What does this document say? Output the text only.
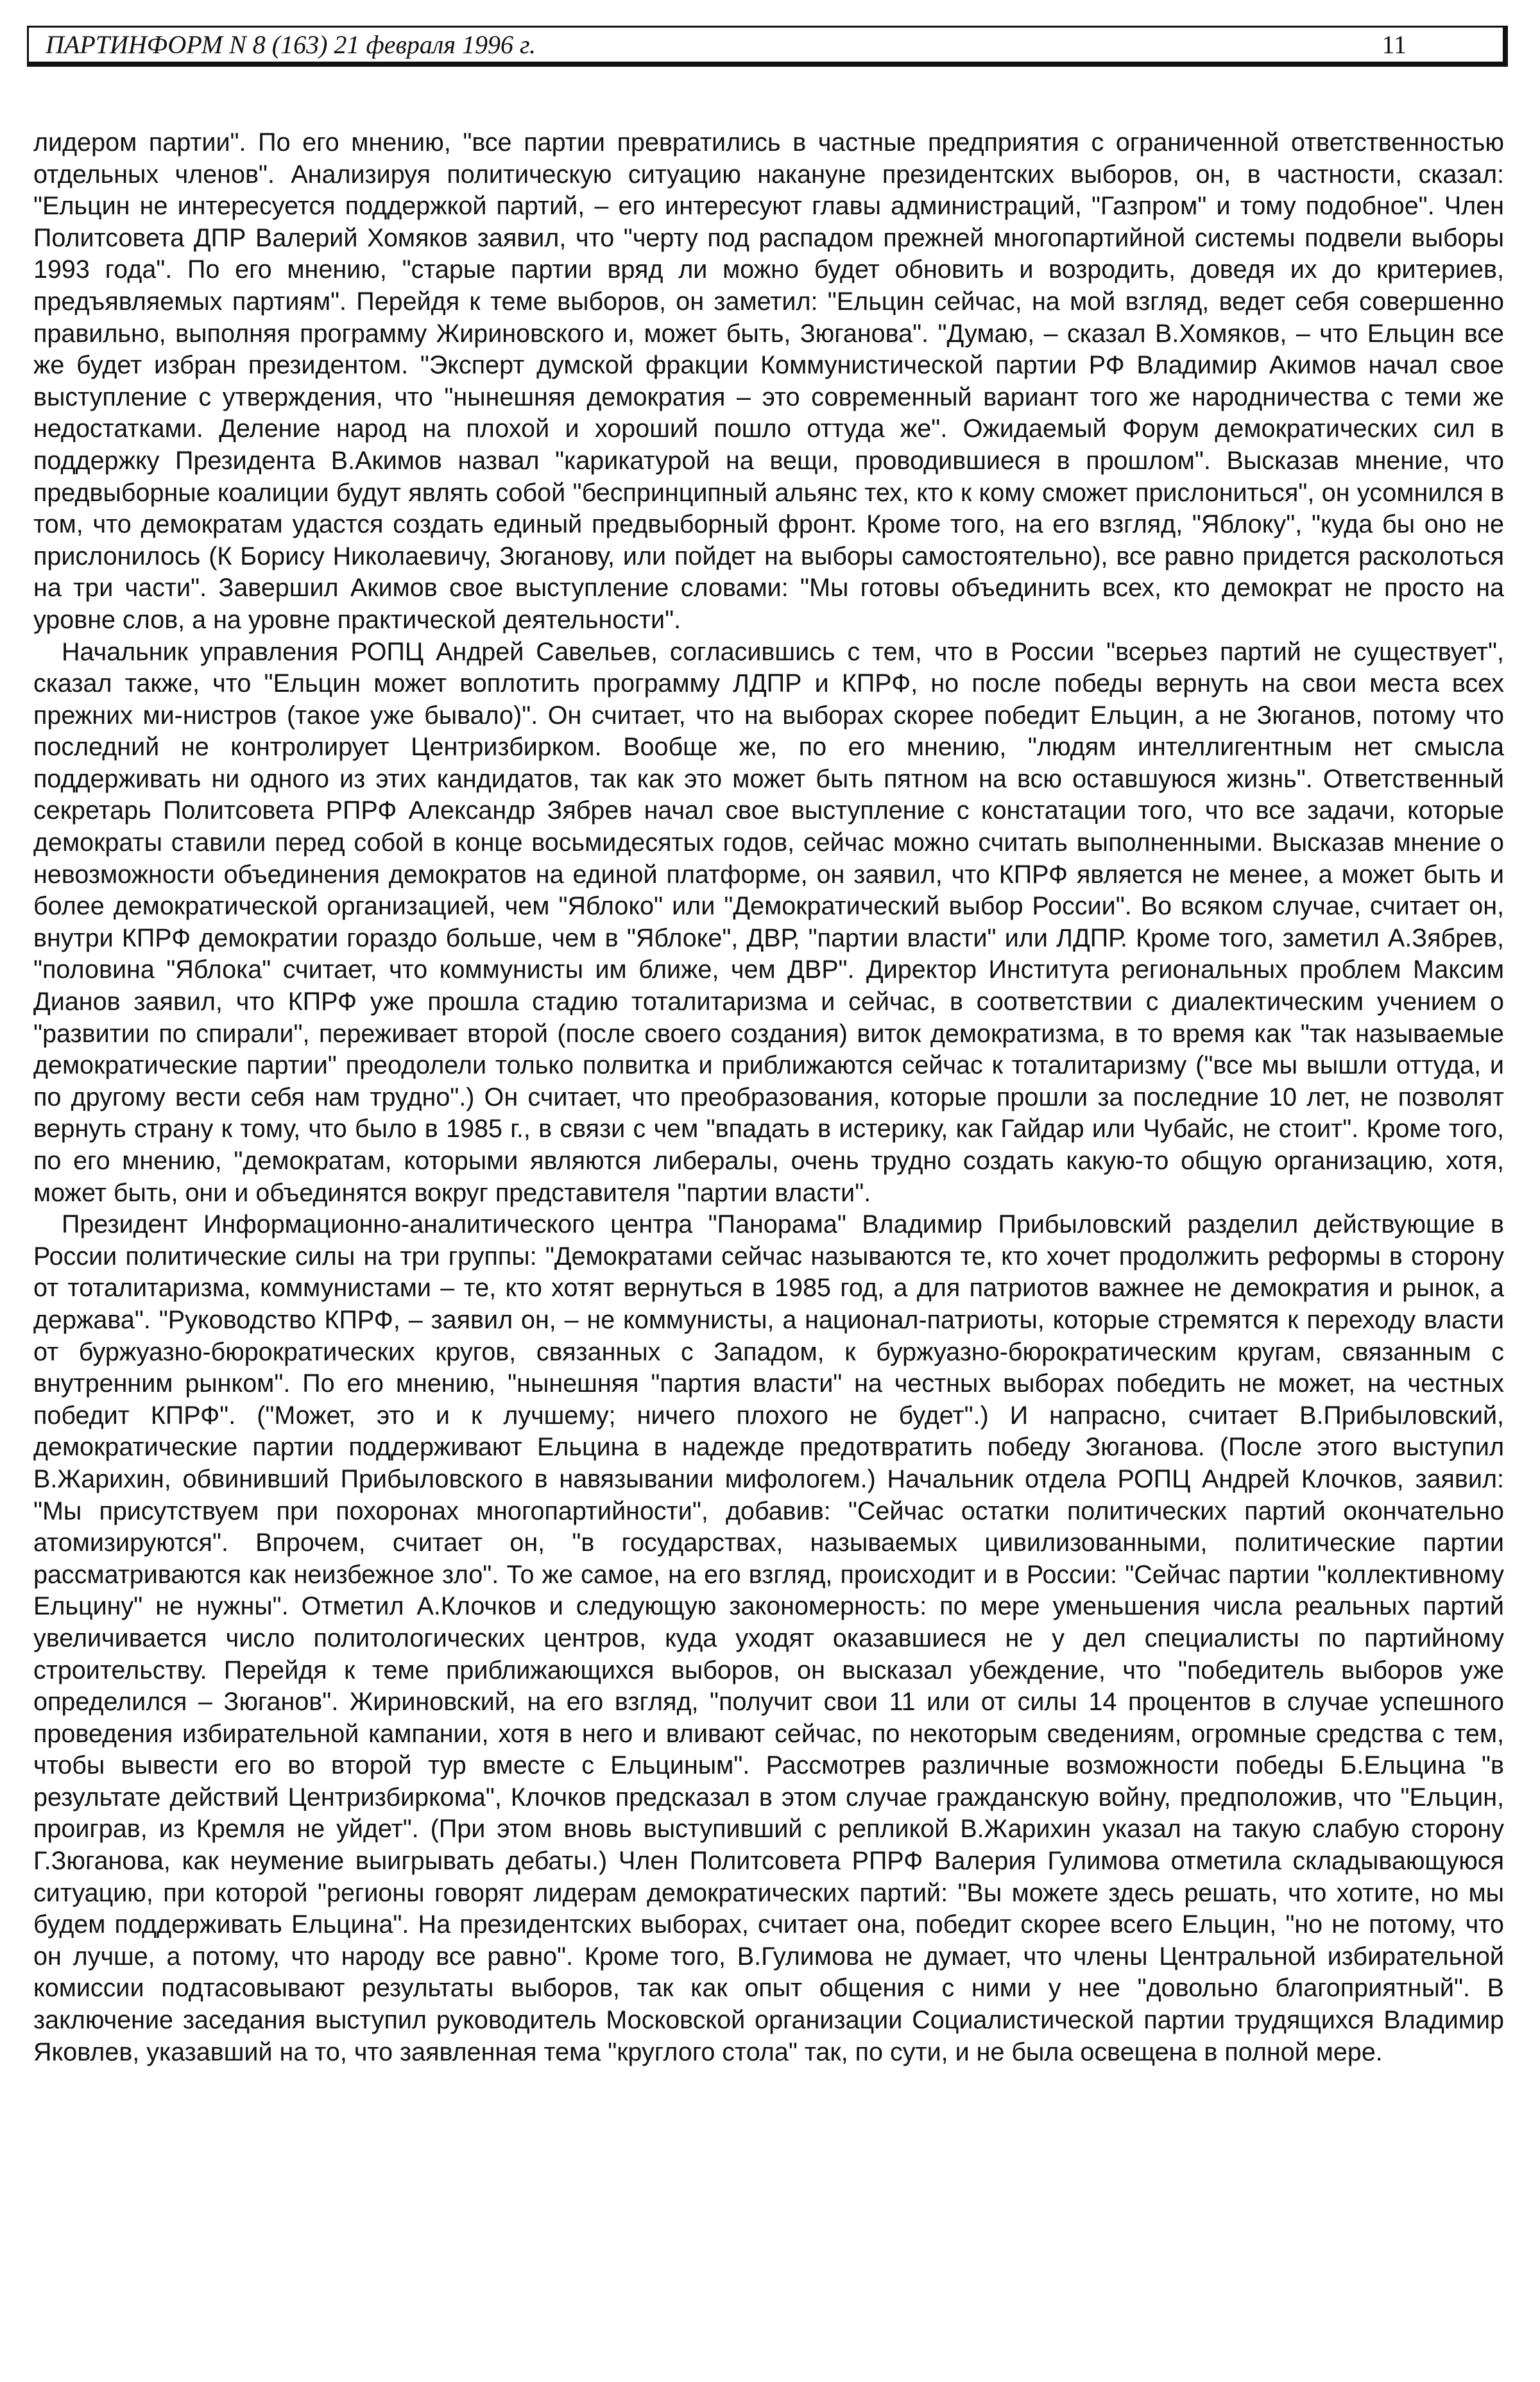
ПАРТИНФОРМ N 8 (163) 21 февраля 1996 г.	11

лидером партии". По его мнению, "все партии превратились в частные предприятия с ограниченной ответственностью отдельных членов". Анализируя политическую ситуацию накануне президентских выборов, он, в частности, сказал: "Ельцин не интересуется поддержкой партий, – его интересуют главы администраций, "Газпром" и тому подобное". Член Политсовета ДПР Валерий Хомяков заявил, что "черту под распадом прежней многопартийной системы подвели выборы 1993 года". По его мнению, "старые партии вряд ли можно будет обновить и возродить, доведя их до критериев, предъявляемых партиям". Перейдя к теме выборов, он заметил: "Ельцин сейчас, на мой взгляд, ведет себя совершенно правильно, выполняя программу Жириновского и, может быть, Зюганова". "Думаю, – сказал В.Хомяков, – что Ельцин все же будет избран президентом. "Эксперт думской фракции Коммунистической партии РФ Владимир Акимов начал свое выступление с утверждения, что "нынешняя демократия – это современный вариант того же народничества с теми же недостатками. Деление народ на плохой и хороший пошло оттуда же". Ожидаемый Форум демократических сил в поддержку Президента В.Акимов назвал "карикатурой на вещи, проводившиеся в прошлом". Высказав мнение, что предвыборные коалиции будут являть собой "беспринципный альянс тех, кто к кому сможет прислониться", он усомнился в том, что демократам удастся создать единый предвыборный фронт. Кроме того, на его взгляд, "Яблоку", "куда бы оно не прислонилось (К Борису Николаевичу, Зюганову, или пойдет на выборы самостоятельно), все равно придется расколоться на три части". Завершил Акимов свое выступление словами: "Мы готовы объединить всех, кто демократ не просто на уровне слов, а на уровне практической деятельности".

Начальник управления РОПЦ Андрей Савельев, согласившись с тем, что в России "всерьез партий не существует", сказал также, что "Ельцин может воплотить программу ЛДПР и КПРФ, но после победы вернуть на свои места всех прежних ми-нистров (такое уже бывало)". Он считает, что на выборах скорее победит Ельцин, а не Зюганов, потому что последний не контролирует Центризбирком. Вообще же, по его мнению, "людям интеллигентным нет смысла поддерживать ни одного из этих кандидатов, так как это может быть пятном на всю оставшуюся жизнь". Ответственный секретарь Политсовета РПРФ Александр Зябрев начал свое выступление с констатации того, что все задачи, которые демократы ставили перед собой в конце восьмидесятых годов, сейчас можно считать выполненными. Высказав мнение о невозможности объединения демократов на единой платформе, он заявил, что КПРФ является не менее, а может быть и более демократической организацией, чем "Яблоко" или "Демократический выбор России". Во всяком случае, считает он, внутри КПРФ демократии гораздо больше, чем в "Яблоке", ДВР, "партии власти" или ЛДПР. Кроме того, заметил А.Зябрев, "половина "Яблока" считает, что коммунисты им ближе, чем ДВР". Директор Института региональных проблем Максим Дианов заявил, что КПРФ уже прошла стадию тоталитаризма и сейчас, в соответствии с диалектическим учением о "развитии по спирали", переживает второй (после своего создания) виток демократизма, в то время как "так называемые демократические партии" преодолели только полвитка и приближаются сейчас к тоталитаризму ("все мы вышли оттуда, и по другому вести себя нам трудно".) Он считает, что преобразования, которые прошли за последние 10 лет, не позволят вернуть страну к тому, что было в 1985 г., в связи с чем "впадать в истерику, как Гайдар или Чубайс, не стоит". Кроме того, по его мнению, "демократам, которыми являются либералы, очень трудно создать какую-то общую организацию, хотя, может быть, они и объединятся вокруг представителя "партии власти".

Президент Информационно-аналитического центра "Панорама" Владимир Прибыловский разделил действующие в России политические силы на три группы: "Демократами сейчас называются те, кто хочет продолжить реформы в сторону от тоталитаризма, коммунистами – те, кто хотят вернуться в 1985 год, а для патриотов важнее не демократия и рынок, а держава". "Руководство КПРФ, – заявил он, – не коммунисты, а национал-патриоты, которые стремятся к переходу власти от буржуазно-бюрократических кругов, связанных с Западом, к буржуазно-бюрократическим кругам, связанным с внутренним рынком". По его мнению, "нынешняя "партия власти" на честных выборах победить не может, на честных победит КПРФ". ("Может, это и к лучшему; ничего плохого не будет".) И напрасно, считает В.Прибыловский, демократические партии поддерживают Ельцина в надежде предотвратить победу Зюганова. (После этого выступил В.Жарихин, обвинивший Прибыловского в навязывании мифологем.) Начальник отдела РОПЦ Андрей Клочков, заявил: "Мы присутствуем при похоронах многопартийности", добавив: "Сейчас остатки политических партий окончательно атомизируются". Впрочем, считает он, "в государствах, называемых цивилизованными, политические партии рассматриваются как неизбежное зло". То же самое, на его взгляд, происходит и в России: "Сейчас партии "коллективному Ельцину" не нужны". Отметил А.Клочков и следующую закономерность: по мере уменьшения числа реальных партий увеличивается число политологических центров, куда уходят оказавшиеся не у дел специалисты по партийному строительству. Перейдя к теме приближающихся выборов, он высказал убеждение, что "победитель выборов уже определился – Зюганов". Жириновский, на его взгляд, "получит свои 11 или от силы 14 процентов в случае успешного проведения избирательной кампании, хотя в него и вливают сейчас, по некоторым сведениям, огромные средства с тем, чтобы вывести его во второй тур вместе с Ельциным". Рассмотрев различные возможности победы Б.Ельцина "в результате действий Центризбиркома", Клочков предсказал в этом случае гражданскую войну, предположив, что "Ельцин, проиграв, из Кремля не уйдет". (При этом вновь выступивший с репликой В.Жарихин указал на такую слабую сторону Г.Зюганова, как неумение выигрывать дебаты.) Член Политсовета РПРФ Валерия Гулимова отметила складывающуюся ситуацию, при которой "регионы говорят лидерам демократических партий: "Вы можете здесь решать, что хотите, но мы будем поддерживать Ельцина". На президентских выборах, считает она, победит скорее всего Ельцин, "но не потому, что он лучше, а потому, что народу все равно". Кроме того, В.Гулимова не думает, что члены Центральной избирательной комиссии подтасовывают результаты выборов, так как опыт общения с ними у нее "довольно благоприятный". В заключение заседания выступил руководитель Московской организации Социалистической партии трудящихся Владимир Яковлев, указавший на то, что заявленная тема "круглого стола" так, по сути, и не была освещена в полной мере.
